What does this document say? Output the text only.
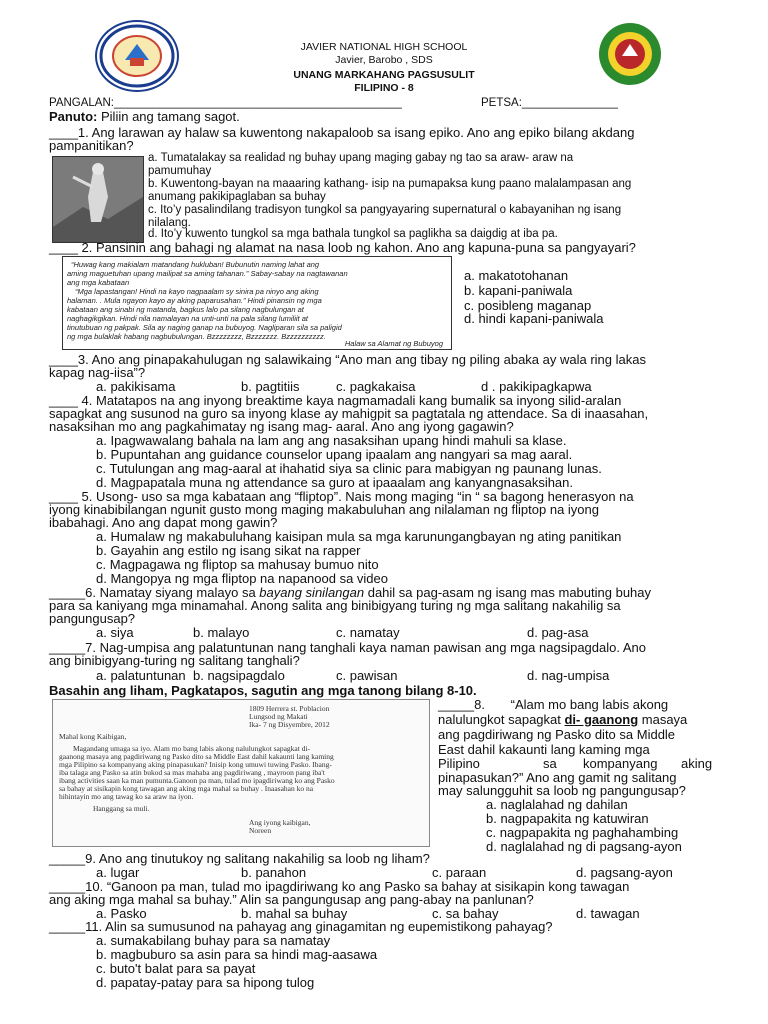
JAVIER NATIONAL HIGH SCHOOL
Javier, Barobo , SDS
UNANG MARKAHANG PAGSUSULIT
FILIPINO - 8
PANGALAN:_____________________________________________	PETSA:_______________
Panuto: Piliin ang tamang sagot.
____1. Ang larawan ay halaw sa kuwentong nakapaloob sa isang epiko. Ano ang epiko bilang akdang
pampanitikan?
a. Tumatalakay sa realidad ng buhay upang maging gabay ng tao sa araw- araw na
pamumuhay
b. Kuwentong-bayan na maaaring kathang- isip na pumapaksa kung paano malalampasan ang
anumang pakikipaglaban sa buhay
c. Ito’y pasalindilang tradisyon tungkol sa pangyayaring supernatural o kabayanihan ng isang
nilalang.
d. Ito’y kuwento tungkol sa mga bathala tungkol sa paglikha sa daigdig at iba pa.
____ 2. Pansinin ang bahagi ng alamat na nasa loob ng kahon. Ano ang kapuna-puna sa pangyayari?
“Huwag kang makialam matandang hukluban! Bubunutin naming lahat ang
aming maguetuhan upang mailipat sa aming tahanan.” Sabay-sabay na nagtawanan
ang mga kabataan
“Mga lapastangan! Hindi na kayo nagpaalam sy sinira pa ninyo ang aking
halaman. . Mula ngayon kayo ay aking paparusahan.” Hindi pinansin ng mga
kabataan ang sinabi ng matanda, bagkus lalo pa silang nagbulungan at
naghagikgikan. Hindi nila namalayan na unti-unti na pala silang lumiliit at
tinutubuan ng pakpak. Sila ay naging ganap na bubuyog. Nagliparan sila sa paligid
ng mga bulaklak habang nagbubulungan. Bzzzzzzzz, Bzzzzzzz. Bzzzzzzzzzz.
Halaw sa Alamat ng Bubuyog
a. makatotohanan
b. kapani-paniwala
c. posibleng maganap
d. hindi kapani-paniwala
____3. Ano ang pinapakahulugan ng salawikaing “Ano man ang tibay ng piling abaka ay wala ring lakas
kapag nag-iisa”?
a. pakikisama	b. pagtitiis	c. pagkakaisa	d . pakikipagkapwa
____ 4. Matatapos na ang inyong breaktime kaya nagmamadali kang bumalik sa inyong silid-aralan
sapagkat ang susunod na guro sa inyong klase ay mahigpit sa pagtatala ng attendace. Sa di inaasahan,
nasaksihan mo ang pagkahimatay ng isang mag- aaral. Ano ang iyong gagawin?
a. Ipagwawalang bahala na lam ang ang nasaksihan upang hindi mahuli sa klase.
b. Pupuntahan ang guidance counselor upang ipaalam ang nangyari sa mag aaral.
c. Tutulungan ang mag-aaral at ihahatid siya sa clinic para mabigyan ng paunang lunas.
d. Magpapatala muna ng attendance sa guro at ipaaalam ang kanyangnasaksihan.
____ 5. Usong- uso sa mga kabataan ang “fliptop”. Nais mong maging “in “ sa bagong henerasyon na
iyong kinabibilangan ngunit gusto mong maging makabuluhan ang nilalaman ng fliptop na iyong
ibabahagi. Ano ang dapat mong gawin?
a. Humalaw ng makabuluhang kaisipan mula sa mga karunungangbayan ng ating panitikan
b. Gayahin ang estilo ng isang sikat na rapper
c. Magpagawa ng fliptop sa mahusay bumuo nito
d. Mangopya ng mga fliptop na napanood sa video
_____6. Namatay siyang malayo sa bayang sinilangan dahil sa pag-asam ng isang mas mabuting buhay
para sa kaniyang mga minamahal. Anong salita ang binibigyang turing ng mga salitang nakahilig sa
pangungusap?
a. siya	b. malayo	c. namatay	d. pag-asa
_____7. Nag-umpisa ang palatuntunan nang tanghali kaya naman pawisan ang mga nagsipagdalo. Ano
ang binibigyang-turing ng salitang tanghali?
a. palatuntunan b. nagsipagdalo	c. pawisan	d. nag-umpisa
Basahin ang liham, Pagkatapos, sagutin ang mga tanong bilang 8-10.
1809 Herrera st. Poblacion
Lungsod ng Makati
Ika- 7 ng Disyembre, 2012
Mahal kong Kaibigan,
Magandang umaga sa iyo. Alam mo bang labis akong nalulungkot sapagkat di-
gaanong masaya ang pagdiriwang ng Pasko dito sa Middle East dahil kakaunti lang kaming
mga Pilipino sa kompanyang aking pinapasukan? Inisip kong umuwi tuwing Pasko. Ibang-
iba talaga ang Pasko sa atin bukod sa mas mahaba ang pagdiriwang , mayroon pang iba't
ibang activities saan ka man pumunta.Ganoon pa man, tulad mo ipagdiriwang ko ang Pasko
sa bahay at sisikapin kong tawagan ang aking mga mahal sa buhay . Inaasahan ko na
hihintayin mo ang tawag ko sa araw na iyon.
Hanggang sa muli.
Ang iyong kaibigan,
Noreen
_____8. “Alam mo bang labis akong
nalulungkot sapagkat di- gaanong masaya
ang pagdiriwang ng Pasko dito sa Middle
East dahil kakaunti lang kaming mga
Pilipino	sa kompanyang aking
pinapasukan?” Ano ang gamit ng salitang
may salungguhit sa loob ng pangungusap?
a. naglalahad ng dahilan
b. nagpapakita ng katuwiran
c. nagpapakita ng paghahambing
d. naglalahad ng di pagsang-ayon
_____9. Ano ang tinutukoy ng salitang nakahilig sa loob ng liham?
a. lugar	b. panahon	c. paraan	d. pagsang-ayon
_____10. “Ganoon pa man, tulad mo ipagdiriwang ko ang Pasko sa bahay at sisikapin kong tawagan
ang aking mga mahal sa buhay.” Alin sa pangungusap ang pang-abay na panlunan?
a. Pasko	b. mahal sa buhay	c. sa bahay	d. tawagan
_____11. Alin sa sumusunod na pahayag ang ginagamitan ng eupemistikong pahayag?
a. sumakabilang buhay para sa namatay
b. magbuburo sa asin para sa hindi mag-aasawa
c. buto't balat para sa payat
d. papatay-patay para sa hipong tulog
